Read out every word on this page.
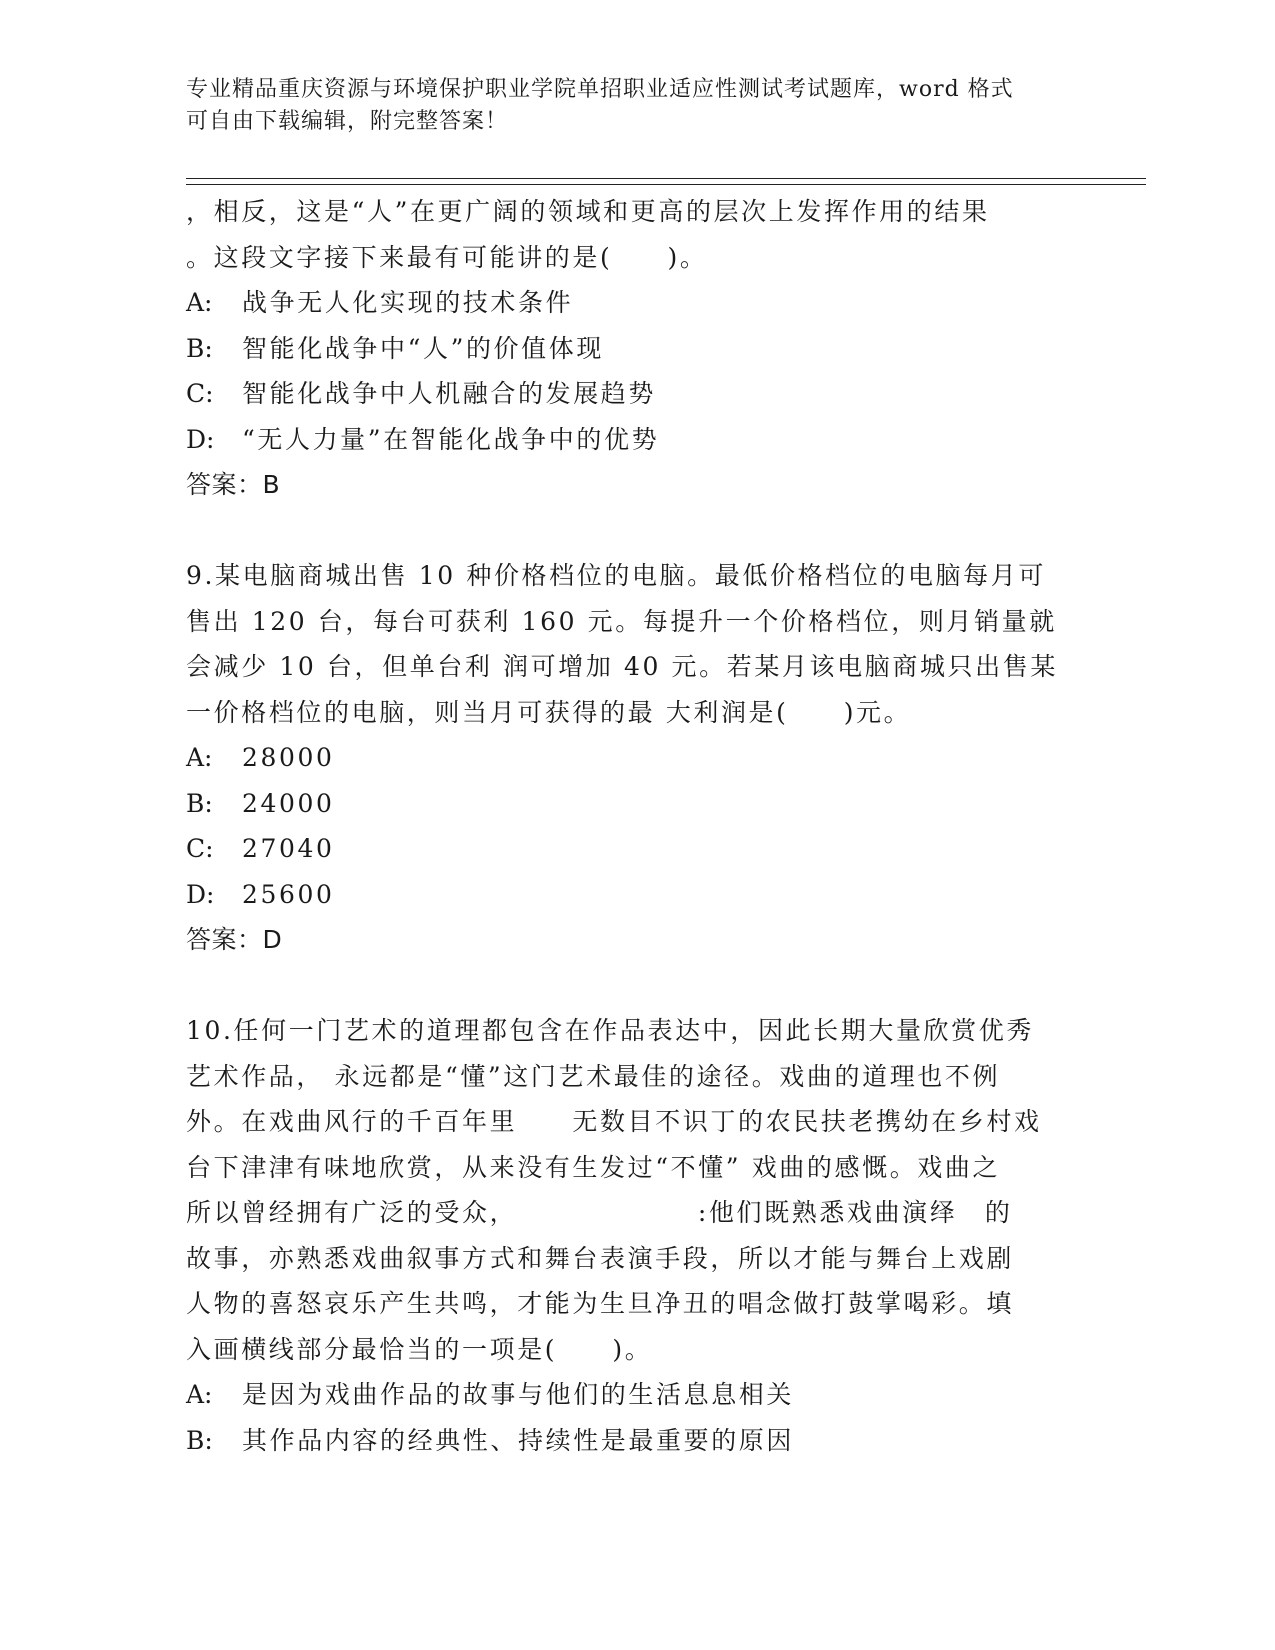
专业精品重庆资源与环境保护职业学院单招职业适应性测试考试题库，word 格式
可自由下载编辑，附完整答案！
，相反，这是“人”在更广阔的领域和更高的层次上发挥作用的结果
。这段文字接下来最有可能讲的是(　　)。
A: 战争无人化实现的技术条件
B: 智能化战争中“人”的价值体现
C: 智能化战争中人机融合的发展趋势
D: “无人力量”在智能化战争中的优势
答案：B
9.某电脑商城出售 10 种价格档位的电脑。最低价格档位的电脑每月可
售出 120 台，每台可获利 160 元。每提升一个价格档位，则月销量就
会减少 10 台，但单台利 润可增加 40 元。若某月该电脑商城只出售某
一价格档位的电脑，则当月可获得的最 大利润是(　　)元。
A: 28000
B: 24000
C: 27040
D: 25600
答案：D
10.任何一门艺术的道理都包含在作品表达中，因此长期大量欣赏优秀
艺术作品， 永远都是“懂”这门艺术最佳的途径。戏曲的道理也不例
外。在戏曲风行的千百年里　　无数目不识丁的农民扶老携幼在乡村戏
台下津津有味地欣赏，从来没有生发过“不懂” 戏曲的感慨。戏曲之
所以曾经拥有广泛的受众，　　　　　　　:他们既熟悉戏曲演绎　的
故事，亦熟悉戏曲叙事方式和舞台表演手段，所以才能与舞台上戏剧
人物的喜怒哀乐产生共鸣，才能为生旦净丑的唱念做打鼓掌喝彩。填
入画横线部分最恰当的一项是(　　)。
A: 是因为戏曲作品的故事与他们的生活息息相关
B: 其作品内容的经典性、持续性是最重要的原因
